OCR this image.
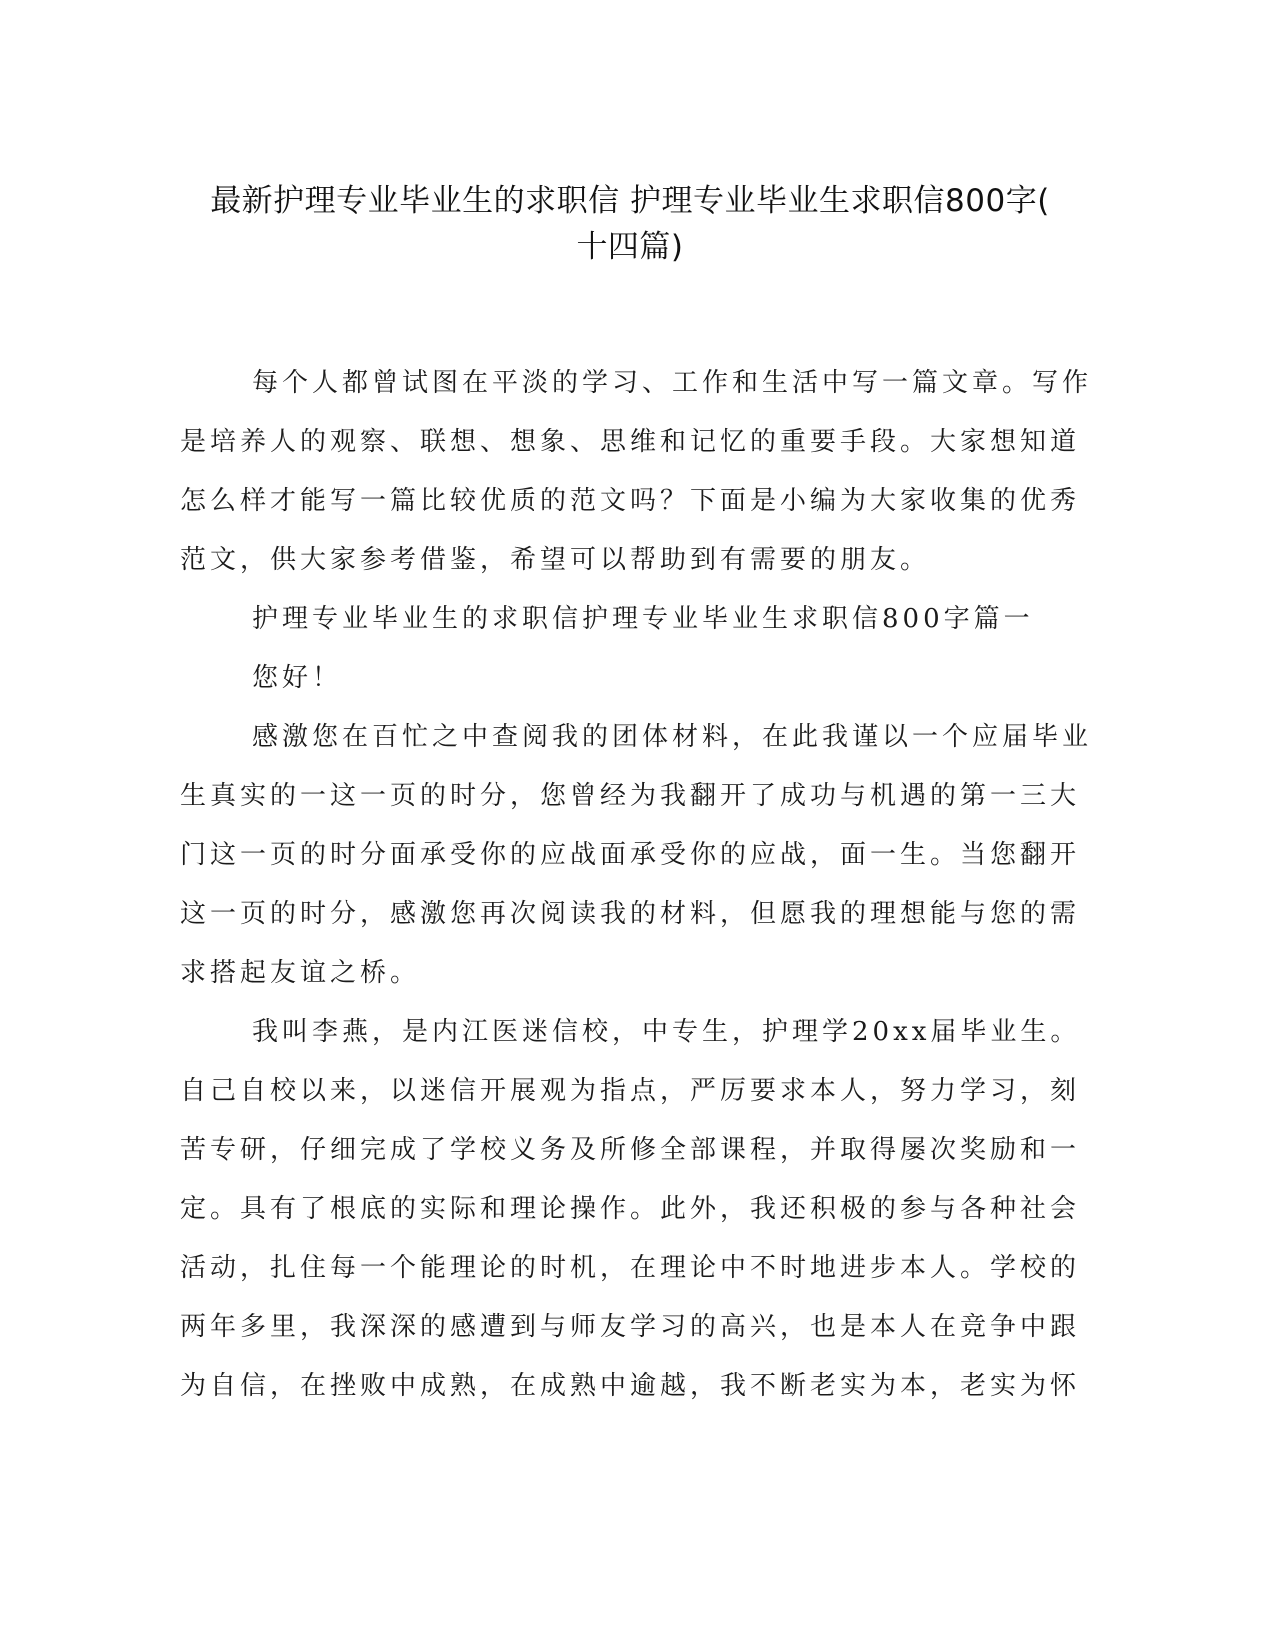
最新护理专业毕业生的求职信 护理专业毕业生求职信800字(
十四篇)

每个人都曾试图在平淡的学习、工作和生活中写一篇文章。写作
是培养人的观察、联想、想象、思维和记忆的重要手段。大家想知道
怎么样才能写一篇比较优质的范文吗？下面是小编为大家收集的优秀
范文，供大家参考借鉴，希望可以帮助到有需要的朋友。

护理专业毕业生的求职信护理专业毕业生求职信800字篇一

您好！

感激您在百忙之中查阅我的团体材料，在此我谨以一个应届毕业
生真实的一这一页的时分，您曾经为我翻开了成功与机遇的第一三大
门这一页的时分面承受你的应战面承受你的应战，面一生。当您翻开
这一页的时分，感激您再次阅读我的材料，但愿我的理想能与您的需
求搭起友谊之桥。

我叫李燕，是内江医迷信校，中专生，护理学20xx届毕业生。
自己自校以来，以迷信开展观为指点，严厉要求本人，努力学习，刻
苦专研，仔细完成了学校义务及所修全部课程，并取得屡次奖励和一
定。具有了根底的实际和理论操作。此外，我还积极的参与各种社会
活动，扎住每一个能理论的时机，在理论中不时地进步本人。学校的
两年多里，我深深的感遭到与师友学习的高兴，也是本人在竞争中跟
为自信，在挫败中成熟，在成熟中逾越，我不断老实为本，老实为怀
